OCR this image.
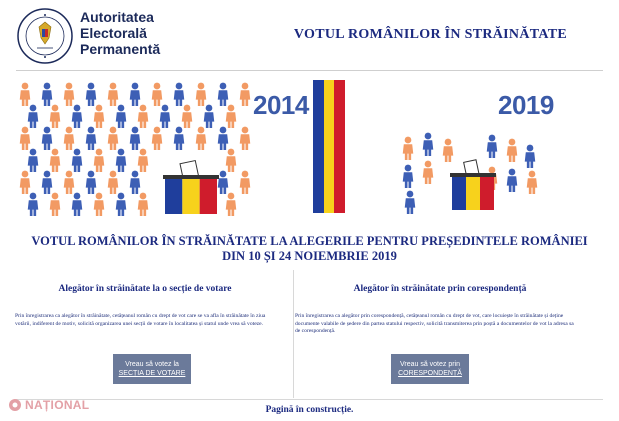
Autoritatea
Electorală
Permanentă
VOTUL ROMÂNILOR ÎN STRĂINĂTATE
2014	2019
VOTUL ROMÂNILOR ÎN STRĂINĂTATE LA ALEGERILE PENTRU PREȘEDINTELE ROMÂNIEI DIN 10 ȘI 24 NOIEMBRIE 2019
Alegător în străinătate la o secție de votare

Prin înregistrarea ca alegător în străinătate, cetățeanul român cu drept de vot care se va afla în străinătate în ziua votării, indiferent de motiv, solicită organizarea unei secții de votare în localitatea și statul unde vrea să voteze.

Vreau să votez la
SECȚIA DE VOTARE
Alegător în străinătate prin corespondență

Prin înregistrarea ca alegător prin corespondență, cetățeanul român cu drept de vot, care locuiește în străinătate și deține documente valabile de ședere din partea statului respectiv, solicită transmiterea prin poștă a documentelor de vot la adresa sa de corespondență.

Vreau să votez prin
CORESPONDENȚĂ
NAȚIONAL	Pagină în construcție.
